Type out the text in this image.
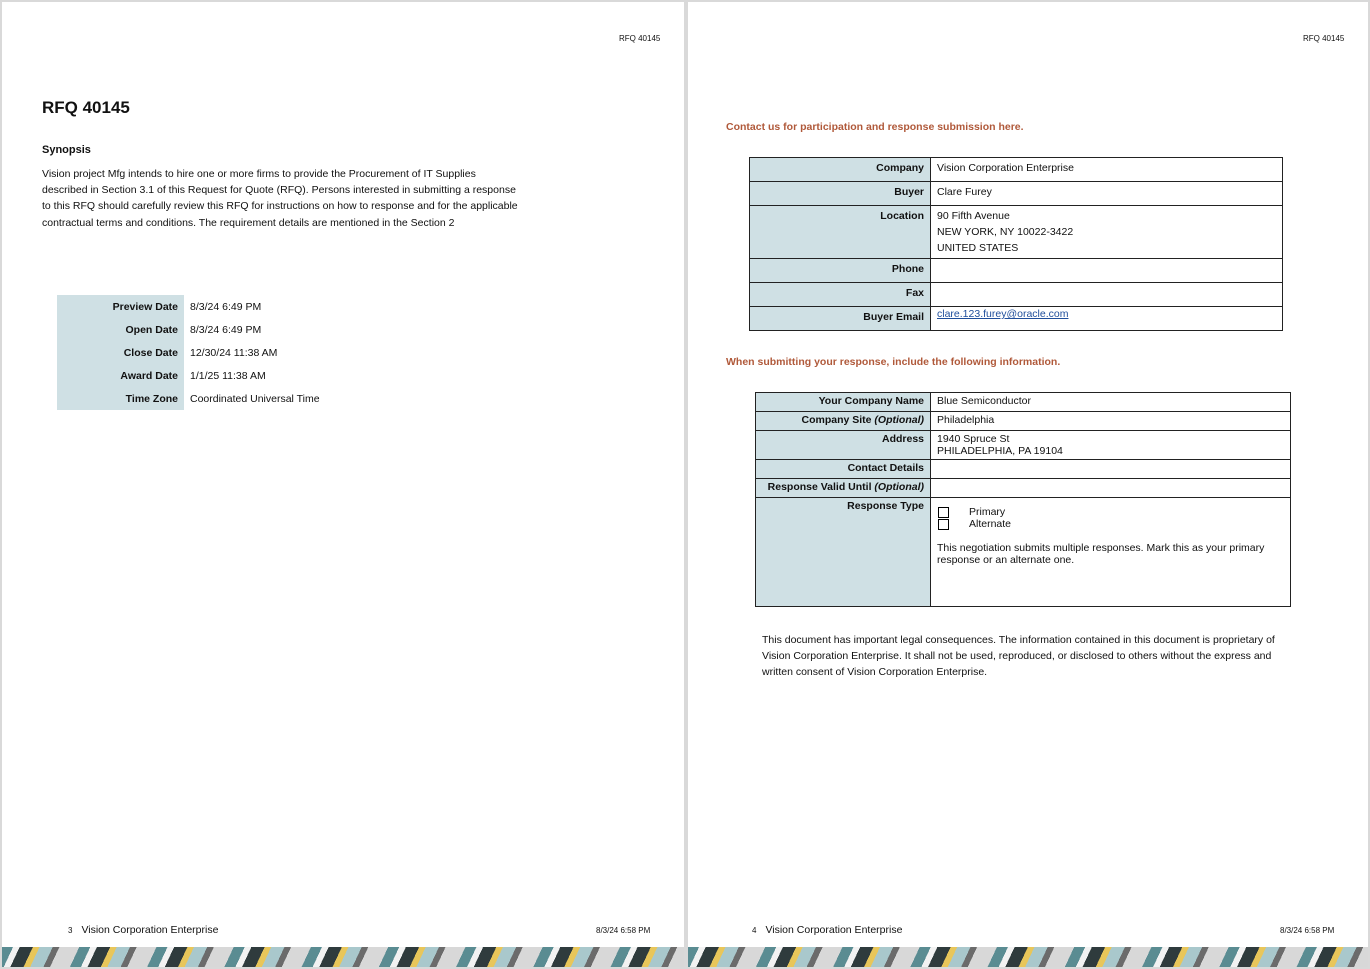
RFQ 40145
RFQ 40145
Synopsis
Vision project Mfg intends to hire one or more firms to provide the Procurement of IT Supplies described in Section 3.1 of this Request for Quote (RFQ). Persons interested in submitting a response to this RFQ should carefully review this RFQ for instructions on how to response and for the applicable contractual terms and conditions. The requirement details are mentioned in the Section 2
Preview Date	8/3/24 6:49 PM
Open Date	8/3/24 6:49 PM
Close Date	12/30/24 11:38 AM
Award Date	1/1/25 11:38 AM
Time Zone	Coordinated Universal Time
3 Vision Corporation Enterprise	8/3/24 6:58 PM
RFQ 40145
Contact us for participation and response submission here.
Company	Vision Corporation Enterprise
Buyer	Clare Furey
Location	90 Fifth Avenue
NEW YORK, NY 10022-3422
UNITED STATES

Phone	
Fax	
Buyer Email	clare.123.furey@oracle.com
When submitting your response, include the following information.
Your Company Name	Blue Semiconductor
Company Site (Optional)	Philadelphia
Address	1940 Spruce St
PHILADELPHIA, PA 19104

Contact Details	
Response Valid Until (Optional)	
Response Type	Primary
Alternate
This negotiation submits multiple responses. Mark this as your primary response or an alternate one.
This document has important legal consequences. The information contained in this document is proprietary of Vision Corporation Enterprise. It shall not be used, reproduced, or disclosed to others without the express and written consent of Vision Corporation Enterprise.
4 Vision Corporation Enterprise	8/3/24 6:58 PM
